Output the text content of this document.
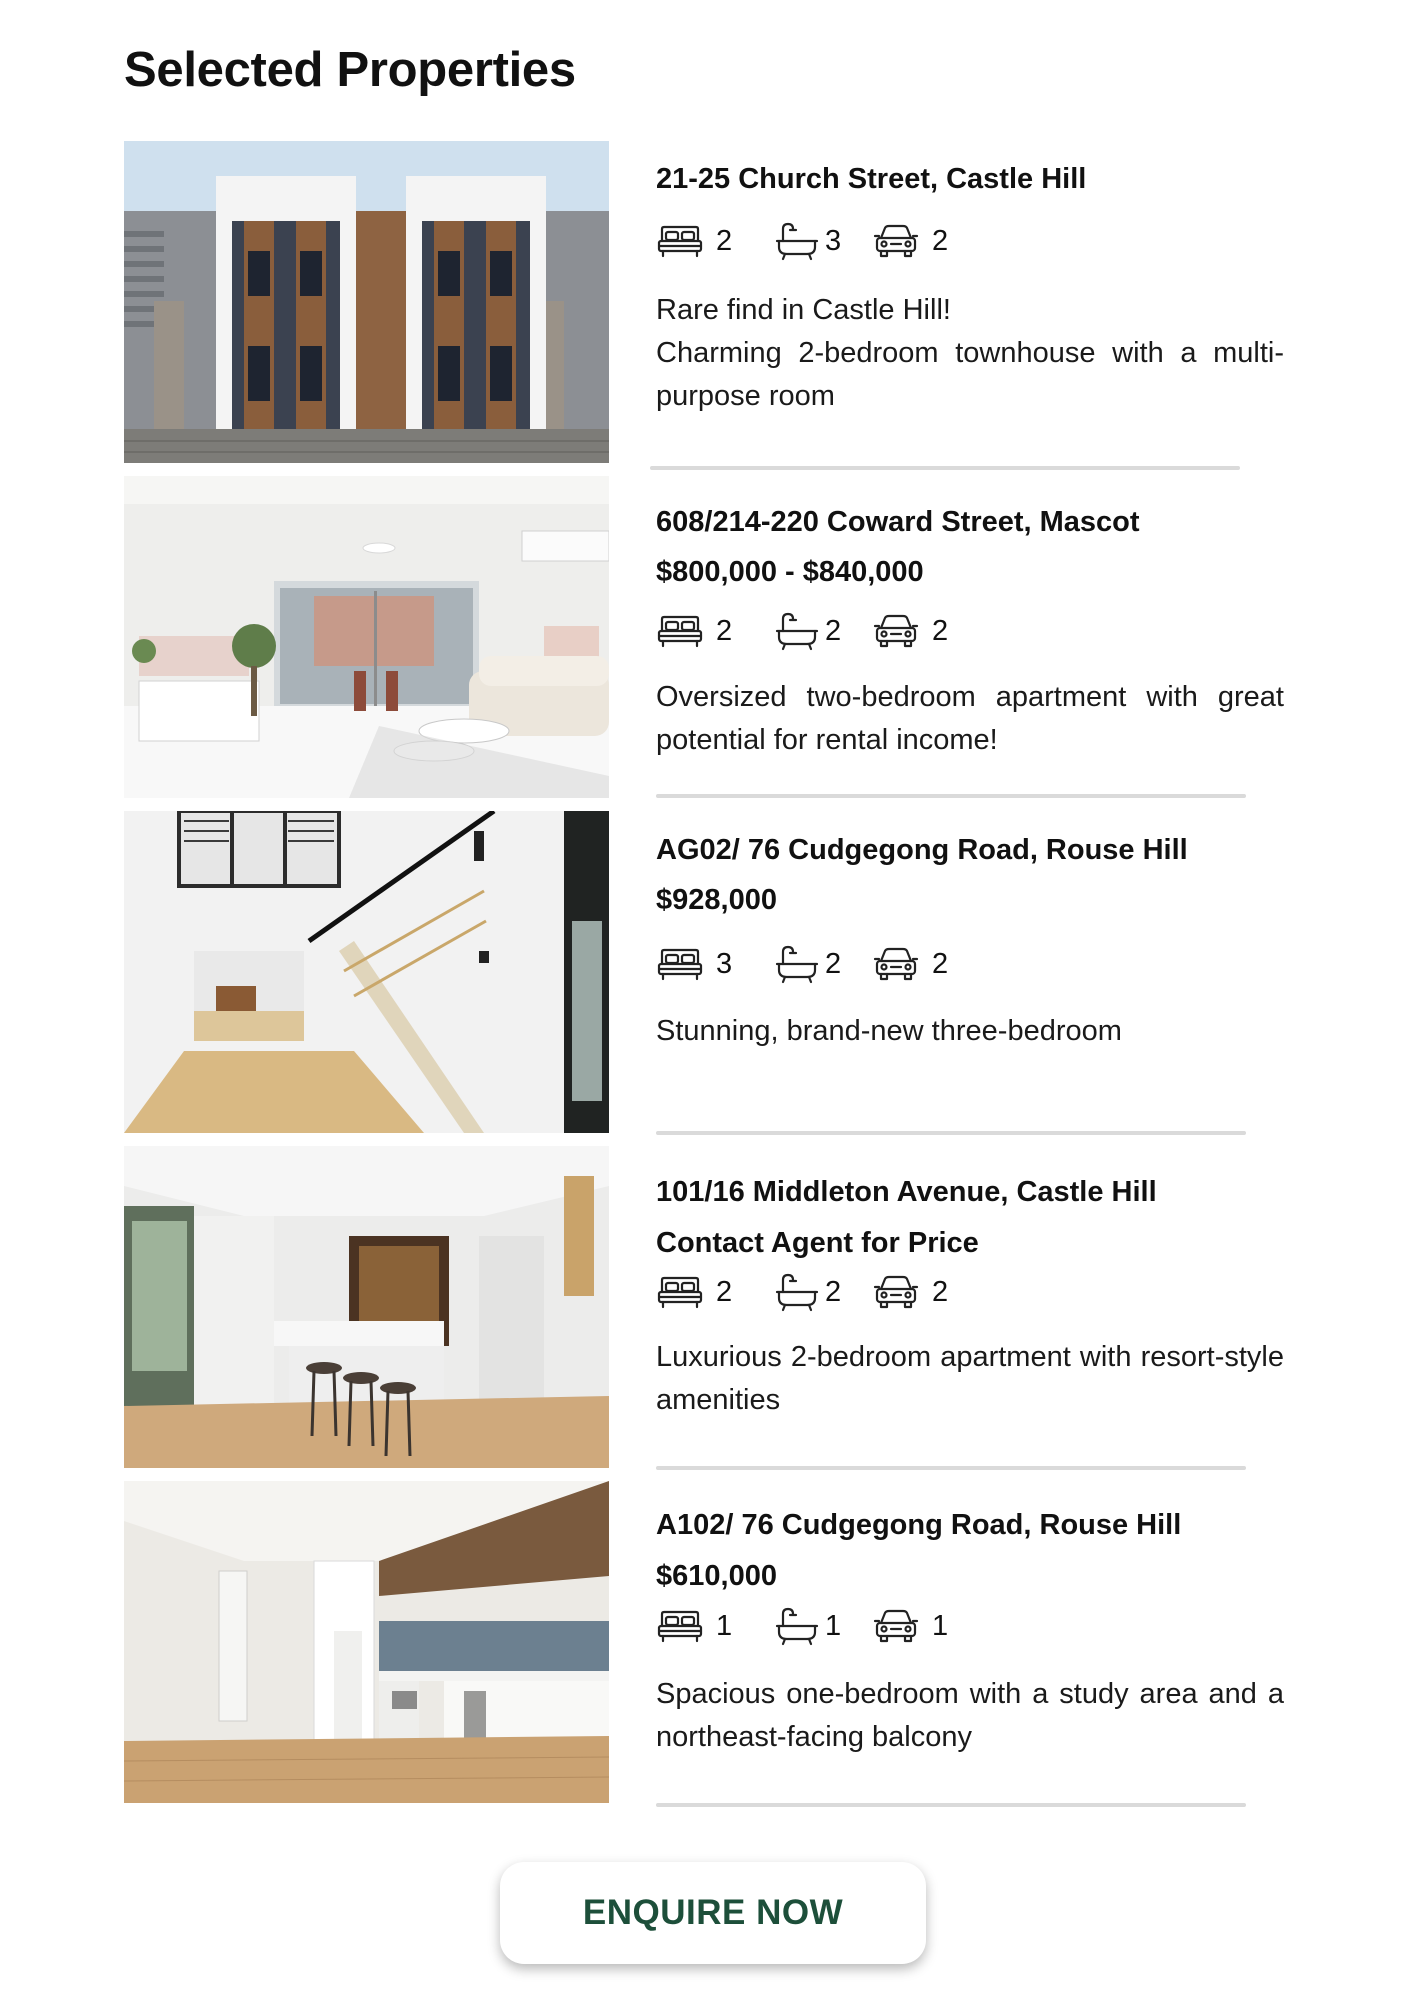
Selected Properties
21-25 Church Street, Castle Hill
2	3	2

Rare find in Castle Hill!
Charming 2-bedroom townhouse with a multi-purpose room

608/214-220 Coward Street, Mascot
$800,000 - $840,000
2	2	2

Oversized two-bedroom apartment with great potential for rental income!

AG02/ 76 Cudgegong Road, Rouse Hill
$928,000
3	2	2

Stunning, brand-new three-bedroom

101/16 Middleton Avenue, Castle Hill
Contact Agent for Price
2	2	2

Luxurious 2-bedroom apartment with resort-style amenities

A102/ 76 Cudgegong Road, Rouse Hill
$610,000
1	1	1

Spacious one-bedroom with a study area and a northeast-facing balcony

ENQUIRE NOW
